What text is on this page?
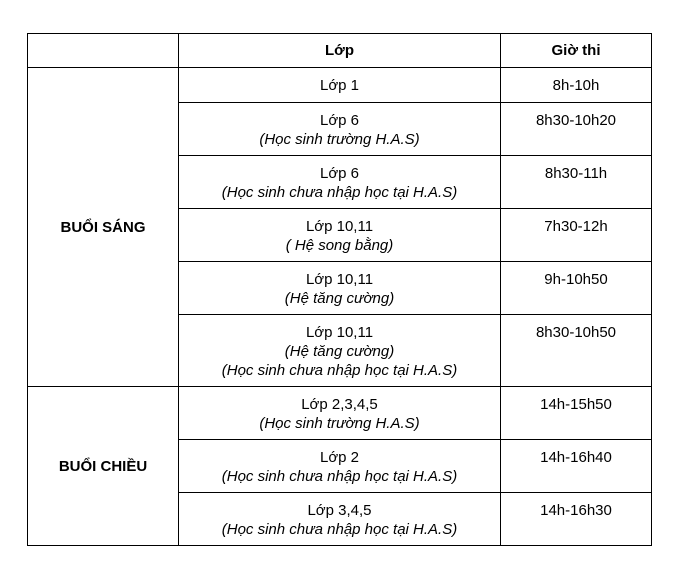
	Lớp	Giờ thi
BUỔI SÁNG	Lớp 1	8h-10h

	Lớp 6
(Học sinh trường H.A.S)	8h30-10h20

	Lớp 6
(Học sinh chưa nhập học tại H.A.S)	8h30-11h

	Lớp 10,11
( Hệ song bằng)	7h30-12h

	Lớp 10,11
(Hệ tăng cường)	9h-10h50

	Lớp 10,11
(Hệ tăng cường)
(Học sinh chưa nhập học tại H.A.S)	8h30-10h50

BUỔI CHIỀU	Lớp 2,3,4,5
(Học sinh trường H.A.S)	14h-15h50

	Lớp 2
(Học sinh chưa nhập học tại H.A.S)	14h-16h40

	Lớp 3,4,5
(Học sinh chưa nhập học tại H.A.S)	14h-16h30
